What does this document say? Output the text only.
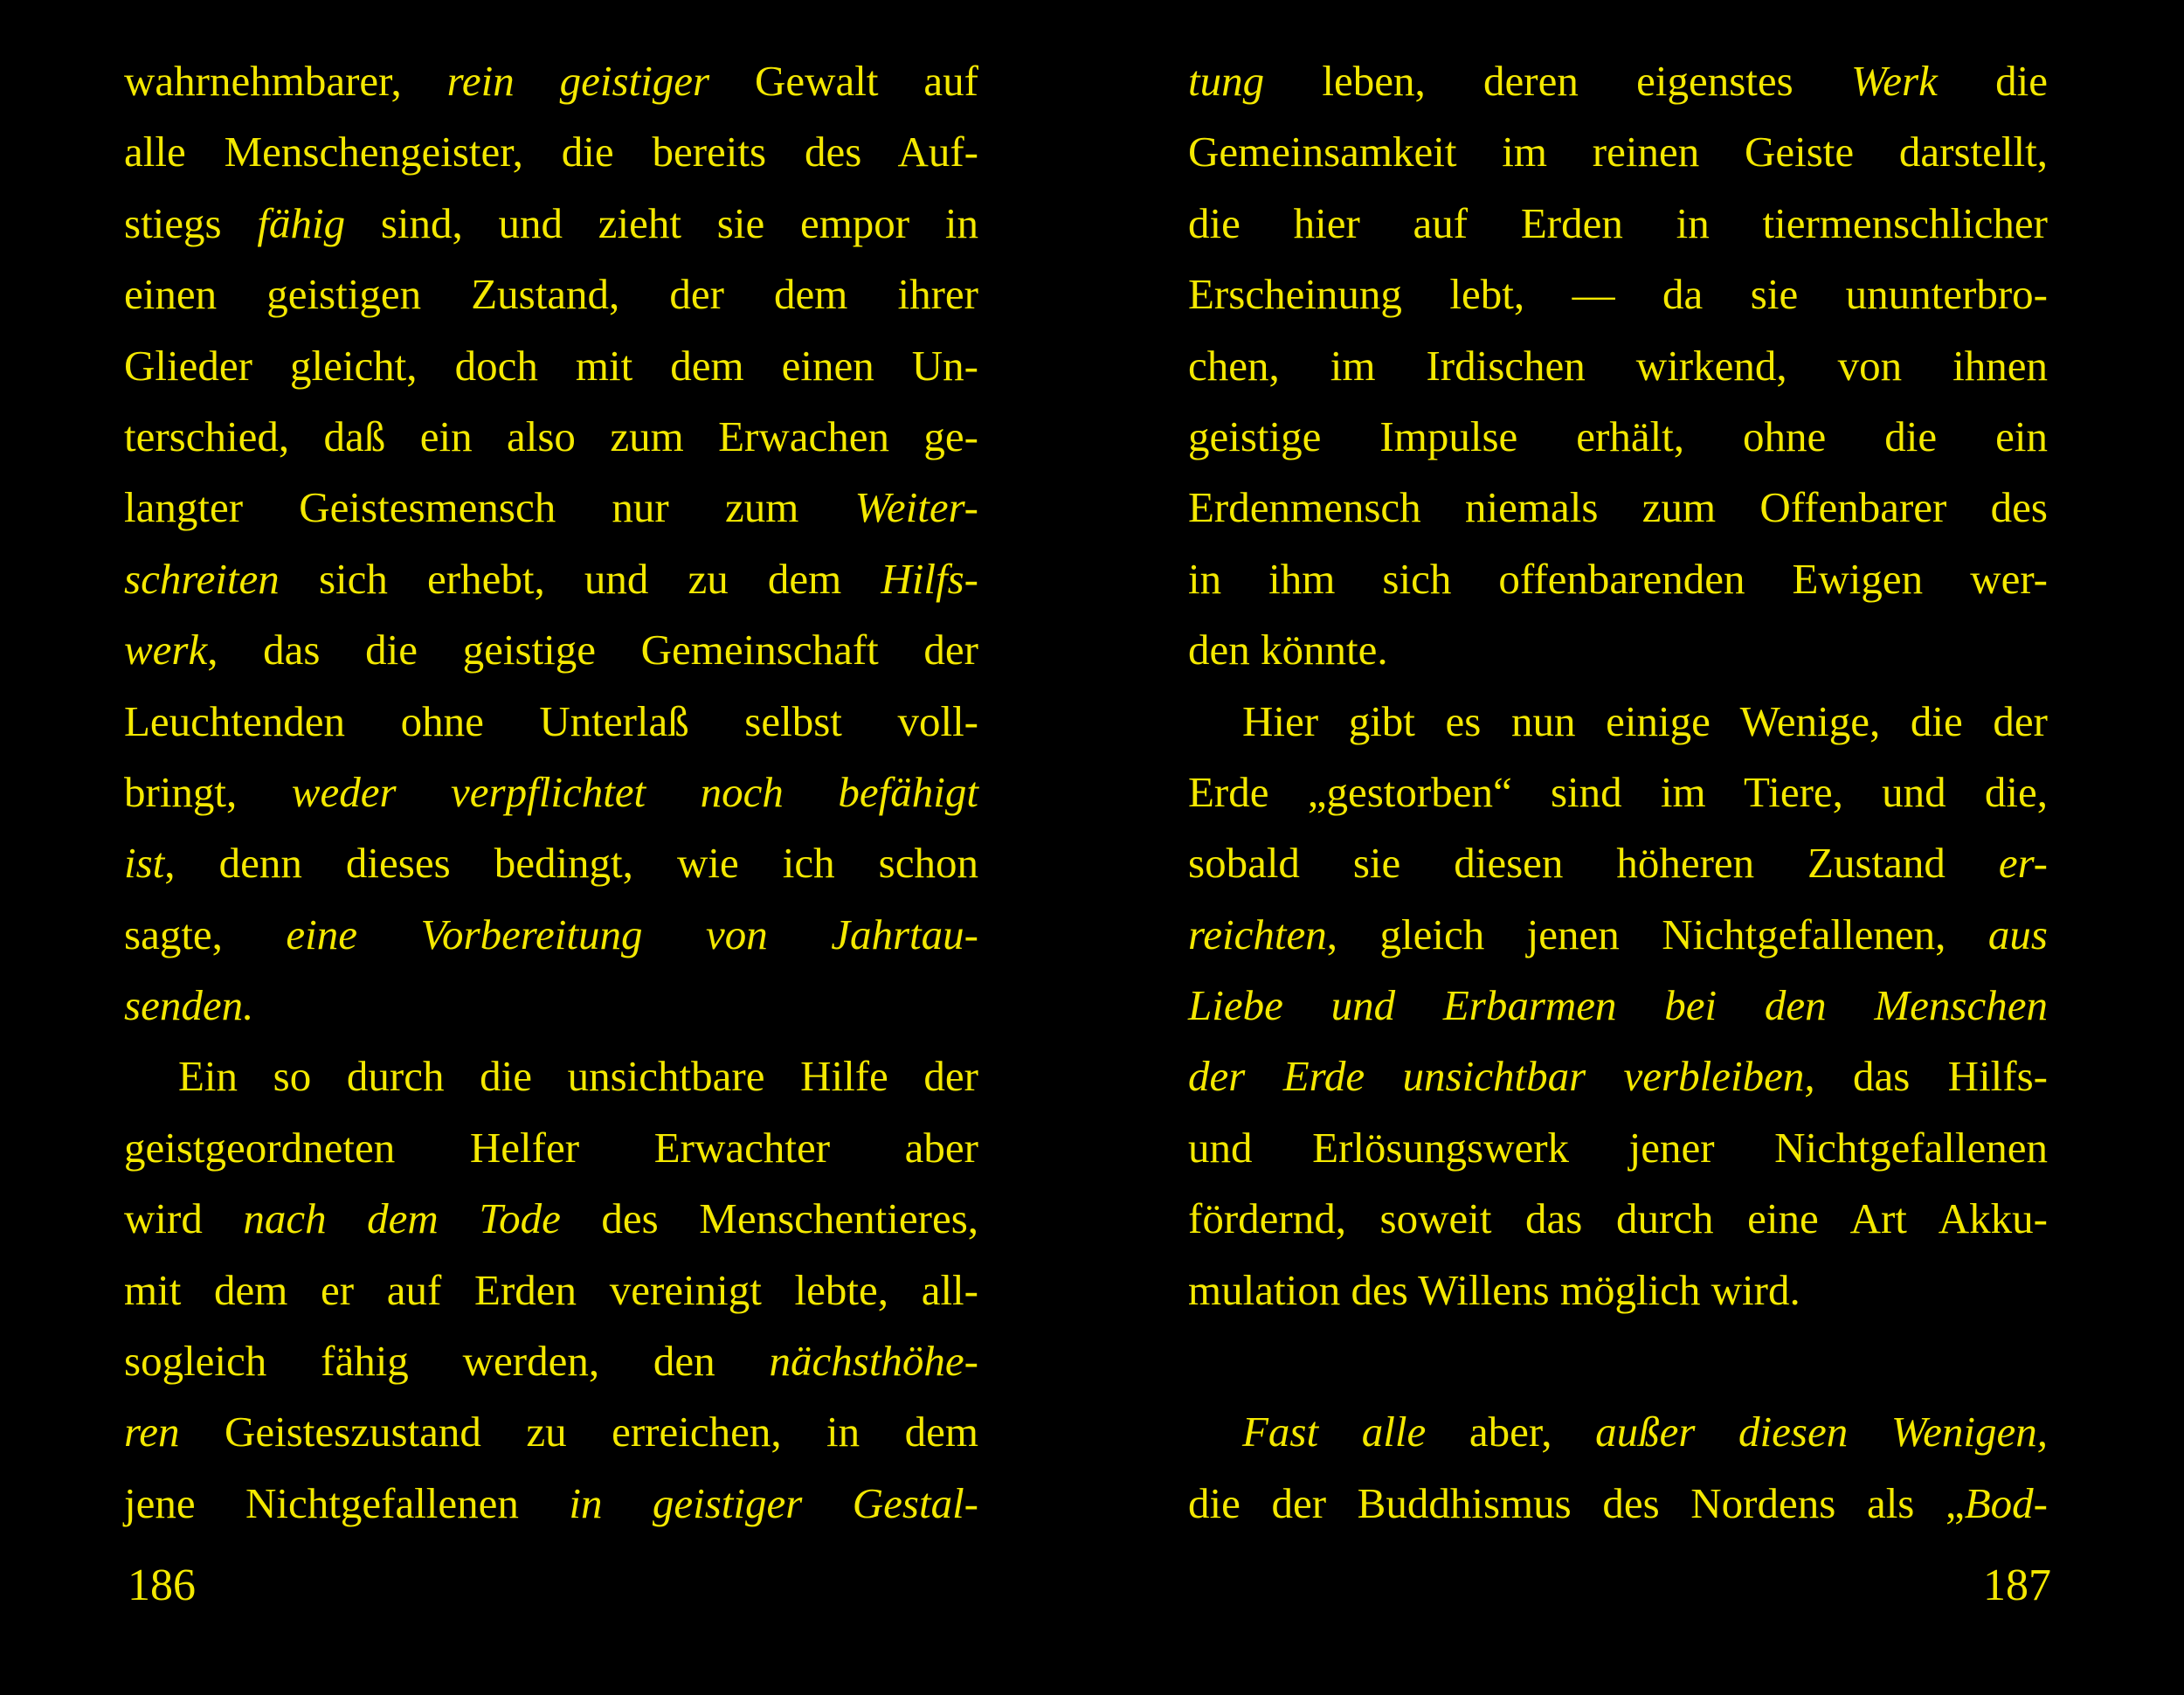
wahrnehmbarer, rein geistiger Gewalt auf
alle Menschengeister, die bereits des Auf-
stiegs fähig sind, und zieht sie empor in
einen geistigen Zustand, der dem ihrer
Glieder gleicht, doch mit dem einen Un-
terschied, daß ein also zum Erwachen ge-
langter Geistesmensch nur zum Weiter-
schreiten sich erhebt, und zu dem Hilfs-
werk, das die geistige Gemeinschaft der
Leuchtenden ohne Unterlaß selbst voll-
bringt, weder verpflichtet noch befähigt
ist, denn dieses bedingt, wie ich schon
sagte, eine Vorbereitung von Jahrtau-
senden.
Ein so durch die unsichtbare Hilfe der
geistgeordneten Helfer Erwachter aber
wird nach dem Tode des Menschentieres,
mit dem er auf Erden vereinigt lebte, all-
sogleich fähig werden, den nächsthöhe-
ren Geisteszustand zu erreichen, in dem
jene Nichtgefallenen in geistiger Gestal-
tung leben, deren eigenstes Werk die
Gemeinsamkeit im reinen Geiste darstellt,
die hier auf Erden in tiermenschlicher
Erscheinung lebt, — da sie ununterbro-
chen, im Irdischen wirkend, von ihnen
geistige Impulse erhält, ohne die ein
Erdenmensch niemals zum Offenbarer des
in ihm sich offenbarenden Ewigen wer-
den könnte.
Hier gibt es nun einige Wenige, die der
Erde „gestorben“ sind im Tiere, und die,
sobald sie diesen höheren Zustand er-
reichten, gleich jenen Nichtgefallenen, aus
Liebe und Erbarmen bei den Menschen
der Erde unsichtbar verbleiben, das Hilfs-
und Erlösungswerk jener Nichtgefallenen
fördernd, soweit das durch eine Art Akku-
mulation des Willens möglich wird.
Fast alle aber, außer diesen Wenigen,
die der Buddhismus des Nordens als „Bod-
186	187
